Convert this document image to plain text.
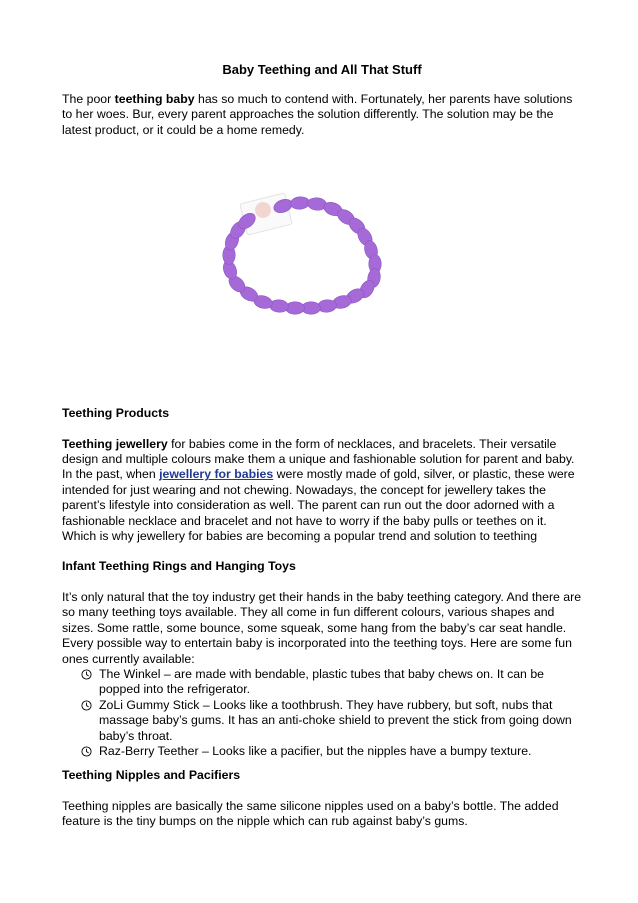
Baby Teething and All That Stuff

The poor teething baby has so much to contend with. Fortunately, her parents have solutions to her woes. Bur, every parent approaches the solution differently. The solution may be the latest product, or it could be a home remedy.

Teething Products

Teething jewellery for babies come in the form of necklaces, and bracelets. Their versatile design and multiple colours make them a unique and fashionable solution for parent and baby. In the past, when jewellery for babies were mostly made of gold, silver, or plastic, these were intended for just wearing and not chewing. Nowadays, the concept for jewellery takes the parent’s lifestyle into consideration as well. The parent can run out the door adorned with a fashionable necklace and bracelet and not have to worry if the baby pulls or teethes on it. Which is why jewellery for babies are becoming a popular trend and solution to teething

Infant Teething Rings and Hanging Toys

It’s only natural that the toy industry get their hands in the baby teething category. And there are so many teething toys available. They all come in fun different colours, various shapes and sizes. Some rattle, some bounce, some squeak, some hang from the baby’s car seat handle. Every possible way to entertain baby is incorporated into the teething toys. Here are some fun ones currently available:

The Winkel – are made with bendable, plastic tubes that baby chews on. It can be popped into the refrigerator.
ZoLi Gummy Stick – Looks like a toothbrush. They have rubbery, but soft, nubs that massage baby’s gums. It has an anti-choke shield to prevent the stick from going down baby’s throat.
Raz-Berry Teether – Looks like a pacifier, but the nipples have a bumpy texture.

Teething Nipples and Pacifiers

Teething nipples are basically the same silicone nipples used on a baby’s bottle. The added feature is the tiny bumps on the nipple which can rub against baby’s gums.
